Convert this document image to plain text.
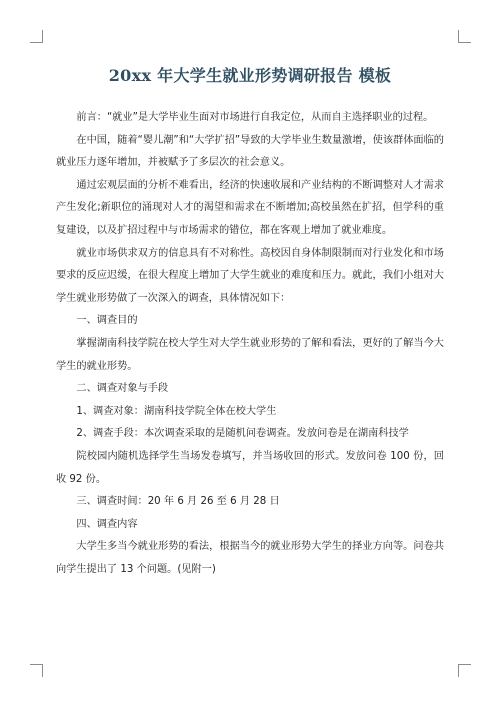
20xx 年大学生就业形势调研报告 模板

前言：“就业”是大学毕业生面对市场进行自我定位，从而自主选择职业的过程。

在中国，随着“婴儿潮”和“大学扩招”导致的大学毕业生数量激增，使该群体面临的就业压力逐年增加，并被赋予了多层次的社会意义。

通过宏观层面的分析不难看出，经济的快速收展和产业结构的不断调整对人才需求产生发化;新职位的涌现对人才的渴望和需求在不断增加;高校虽然在扩招，但学科的重复建设，以及扩招过程中与市场需求的错位，都在客观上增加了就业难度。

就业市场供求双方的信息具有不对称性。高校因自身体制限制而对行业发化和市场要求的反应迟缓，在很大程度上增加了大学生就业的难度和压力。就此，我们小组对大学生就业形势做了一次深入的调查，具体情况如下：

一、调查目的

掌握湖南科技学院在校大学生对大学生就业形势的了解和看法，更好的了解当今大学生的就业形势。

二、调查对象与手段

1、调查对象：湖南科技学院全体在校大学生

2、调查手段：本次调查采取的是随机问卷调查。发放问卷是在湖南科技学

院校园内随机选择学生当场发卷填写，并当场收回的形式。发放问卷 100 份，回收 92 份。

三、调查时间：20 年 6 月 26 至 6 月 28 日

四、调查内容

大学生多当今就业形势的看法，根据当今的就业形势大学生的择业方向等。问卷共向学生提出了 13 个问题。(见附一)
